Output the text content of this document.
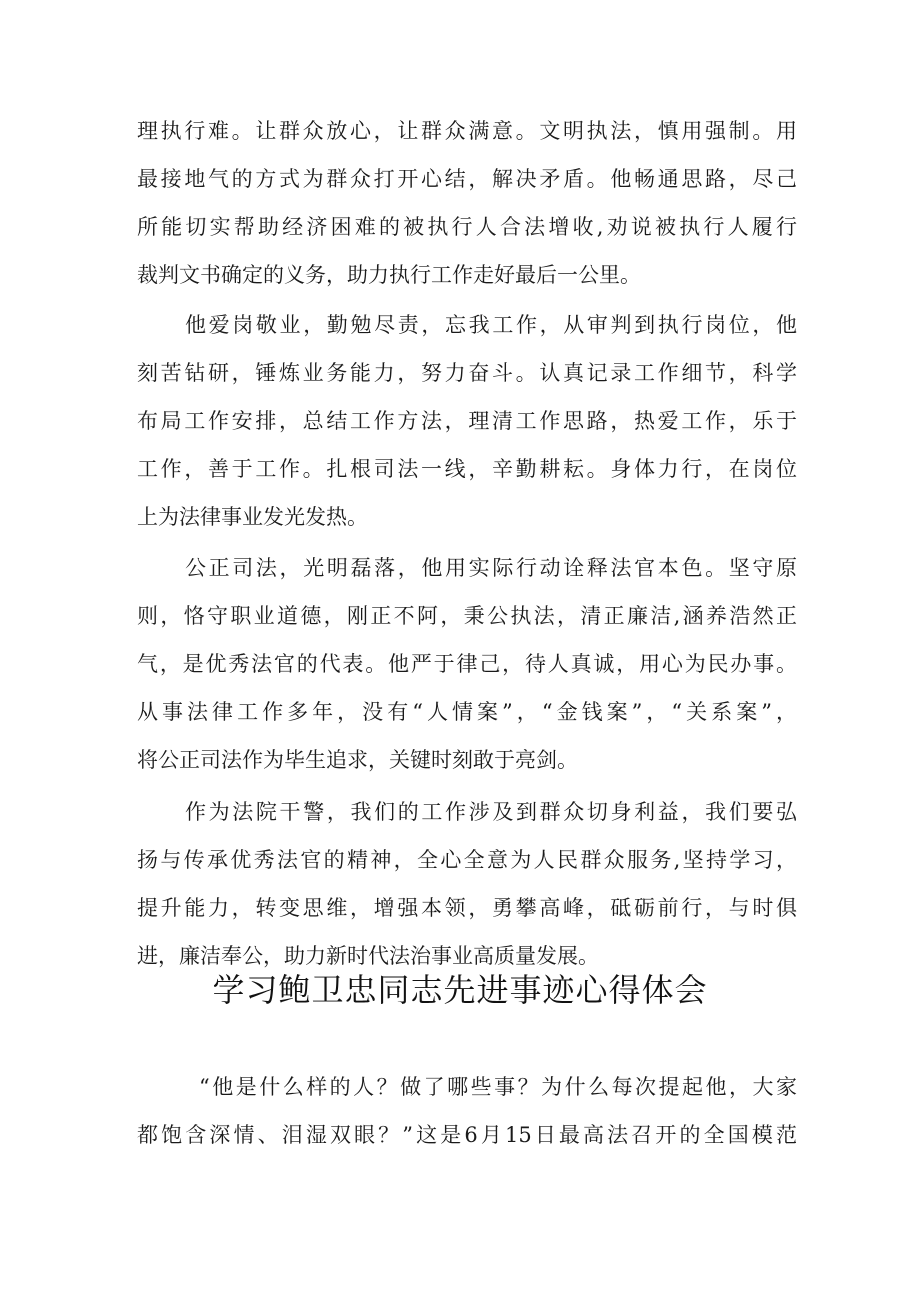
理执行难。让群众放心，让群众满意。文明执法，慎用强制。用
最接地气的方式为群众打开心结，解决矛盾。他畅通思路，尽己
所能切实帮助经济困难的被执行人合法增收,劝说被执行人履行
裁判文书确定的义务，助力执行工作走好最后一公里。
他爱岗敬业，勤勉尽责，忘我工作，从审判到执行岗位，他
刻苦钻研，锤炼业务能力，努力奋斗。认真记录工作细节，科学
布局工作安排，总结工作方法，理清工作思路，热爱工作，乐于
工作，善于工作。扎根司法一线，辛勤耕耘。身体力行，在岗位
上为法律事业发光发热。
公正司法，光明磊落，他用实际行动诠释法官本色。坚守原
则，恪守职业道德，刚正不阿，秉公执法，清正廉洁,涵养浩然正
气，是优秀法官的代表。他严于律己，待人真诚，用心为民办事。
从事法律工作多年，没有“人情案”，“金钱案”，“关系案”，
将公正司法作为毕生追求，关键时刻敢于亮剑。
作为法院干警，我们的工作涉及到群众切身利益，我们要弘
扬与传承优秀法官的精神，全心全意为人民群众服务,坚持学习，
提升能力，转变思维，增强本领，勇攀高峰，砥砺前行，与时俱
进，廉洁奉公，助力新时代法治事业高质量发展。
学习鲍卫忠同志先进事迹心得体会
“他是什么样的人？做了哪些事？为什么每次提起他，大家
都饱含深情、泪湿双眼？”这是6月15日最高法召开的全国模范
